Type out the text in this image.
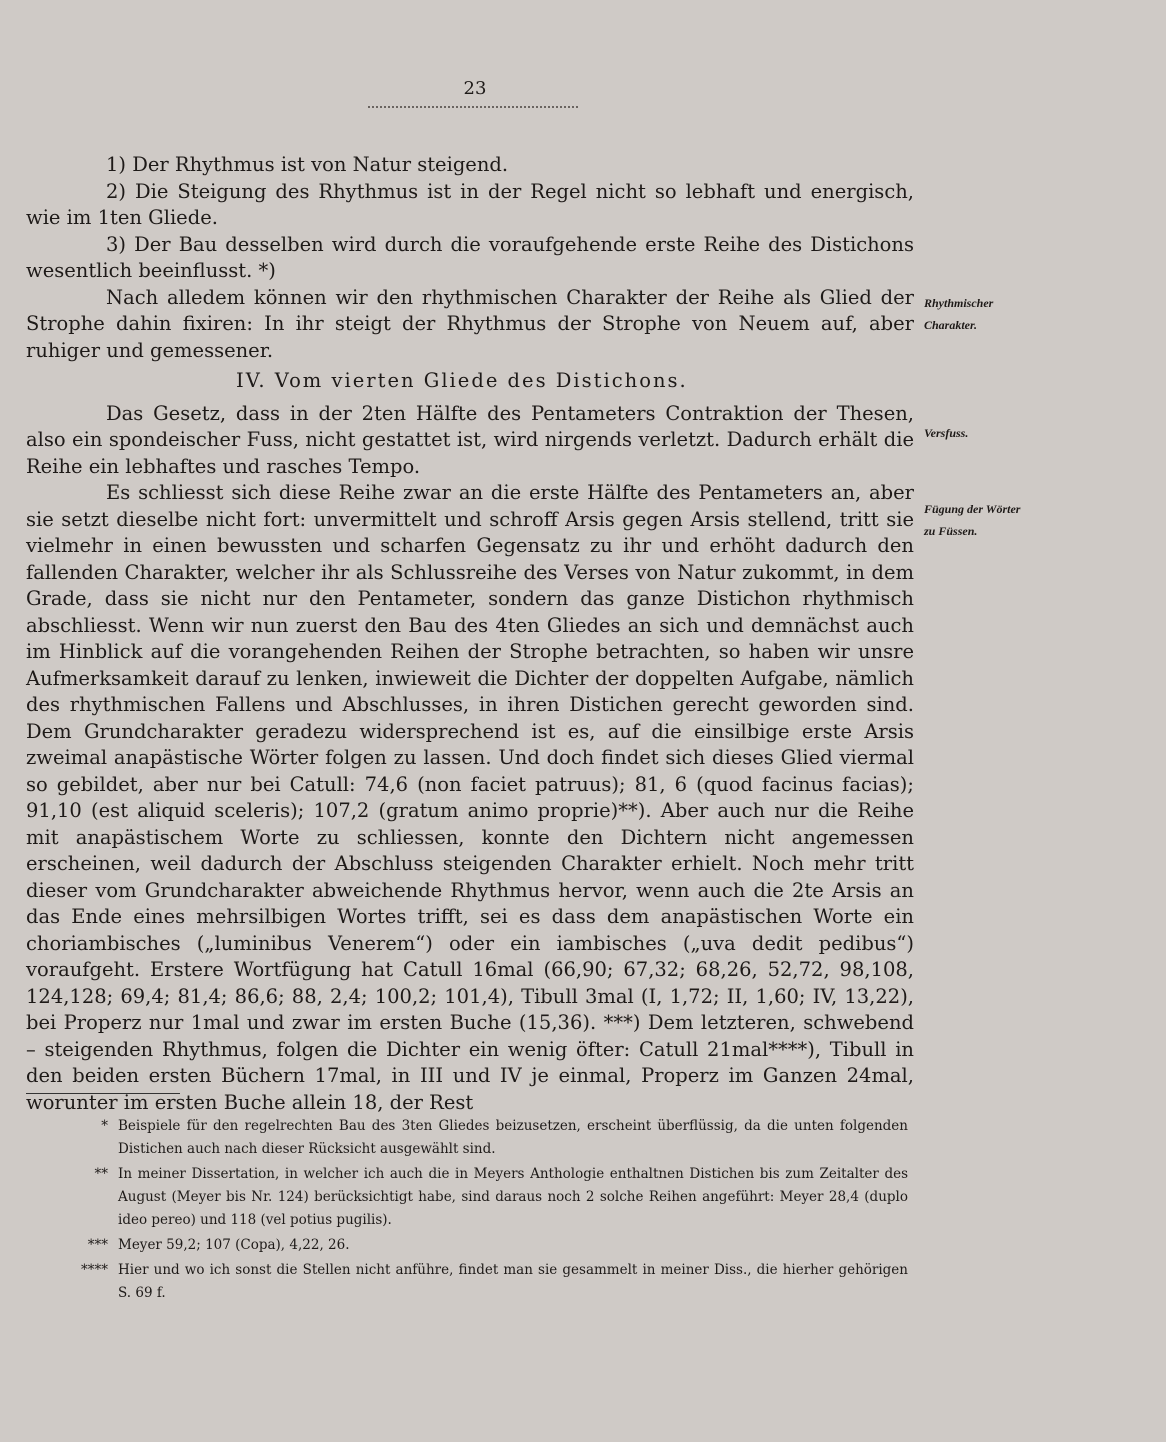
23

1) Der Rhythmus ist von Natur steigend.

2) Die Steigung des Rhythmus ist in der Regel nicht so lebhaft und energisch, wie im 1ten Gliede.

3) Der Bau desselben wird durch die voraufgehende erste Reihe des Distichons wesentlich beeinflusst. *)

Nach alledem können wir den rhythmischen Charakter der Reihe als Glied der Strophe dahin fixiren: In ihr steigt der Rhythmus der Strophe von Neuem auf, aber ruhiger und gemessener.

IV. Vom vierten Gliede des Distichons.

Das Gesetz, dass in der 2ten Hälfte des Pentameters Contraktion der Thesen, also ein spondeischer Fuss, nicht gestattet ist, wird nirgends verletzt. Dadurch erhält die Reihe ein lebhaftes und rasches Tempo.

Es schliesst sich diese Reihe zwar an die erste Hälfte des Pentameters an, aber sie setzt dieselbe nicht fort: unvermittelt und schroff Arsis gegen Arsis stellend, tritt sie vielmehr in einen bewussten und scharfen Gegensatz zu ihr und erhöht dadurch den fallenden Charakter, welcher ihr als Schlussreihe des Verses von Natur zukommt, in dem Grade, dass sie nicht nur den Pentameter, sondern das ganze Distichon rhythmisch abschliesst. Wenn wir nun zuerst den Bau des 4ten Gliedes an sich und demnächst auch im Hinblick auf die vorangehenden Reihen der Strophe betrachten, so haben wir unsre Aufmerksamkeit darauf zu lenken, inwieweit die Dichter der doppelten Aufgabe, nämlich des rhythmischen Fallens und Abschlusses, in ihren Distichen gerecht geworden sind. Dem Grundcharakter geradezu widersprechend ist es, auf die einsilbige erste Arsis zweimal anapästische Wörter folgen zu lassen. Und doch findet sich dieses Glied viermal so gebildet, aber nur bei Catull: 74,6 (non faciet patruus); 81, 6 (quod facinus facias); 91,10 (est aliquid sceleris); 107,2 (gratum animo proprie)**). Aber auch nur die Reihe mit anapästischem Worte zu schliessen, konnte den Dichtern nicht angemessen erscheinen, weil dadurch der Abschluss steigenden Charakter erhielt. Noch mehr tritt dieser vom Grundcharakter abweichende Rhythmus hervor, wenn auch die 2te Arsis an das Ende eines mehrsilbigen Wortes trifft, sei es dass dem anapästischen Worte ein choriambisches („luminibus Venerem“) oder ein iambisches („uva dedit pedibus“) voraufgeht. Erstere Wortfügung hat Catull 16mal (66,90; 67,32; 68,26, 52,72, 98,108, 124,128; 69,4; 81,4; 86,6; 88, 2,4; 100,2; 101,4), Tibull 3mal (I, 1,72; II, 1,60; IV, 13,22), bei Properz nur 1mal und zwar im ersten Buche (15,36). ***) Dem letzteren, schwebend – steigenden Rhythmus, folgen die Dichter ein wenig öfter: Catull 21mal****), Tibull in den beiden ersten Büchern 17mal, in III und IV je einmal, Properz im Ganzen 24mal, worunter im ersten Buche allein 18, der Rest

Rhythmischer Charakter.
Versfuss.
Fügung der Wörter zu Füssen.
* Beispiele für den regelrechten Bau des 3ten Gliedes beizusetzen, erscheint überflüssig, da die unten folgenden Distichen auch nach dieser Rücksicht ausgewählt sind.
** In meiner Dissertation, in welcher ich auch die in Meyers Anthologie enthaltnen Distichen bis zum Zeitalter des August (Meyer bis Nr. 124) berücksichtigt habe, sind daraus noch 2 solche Reihen angeführt: Meyer 28,4 (duplo ideo pereo) und 118 (vel potius pugilis).
*** Meyer 59,2; 107 (Copa), 4,22, 26.
**** Hier und wo ich sonst die Stellen nicht anführe, findet man sie gesammelt in meiner Diss., die hierher gehörigen S. 69 f.
